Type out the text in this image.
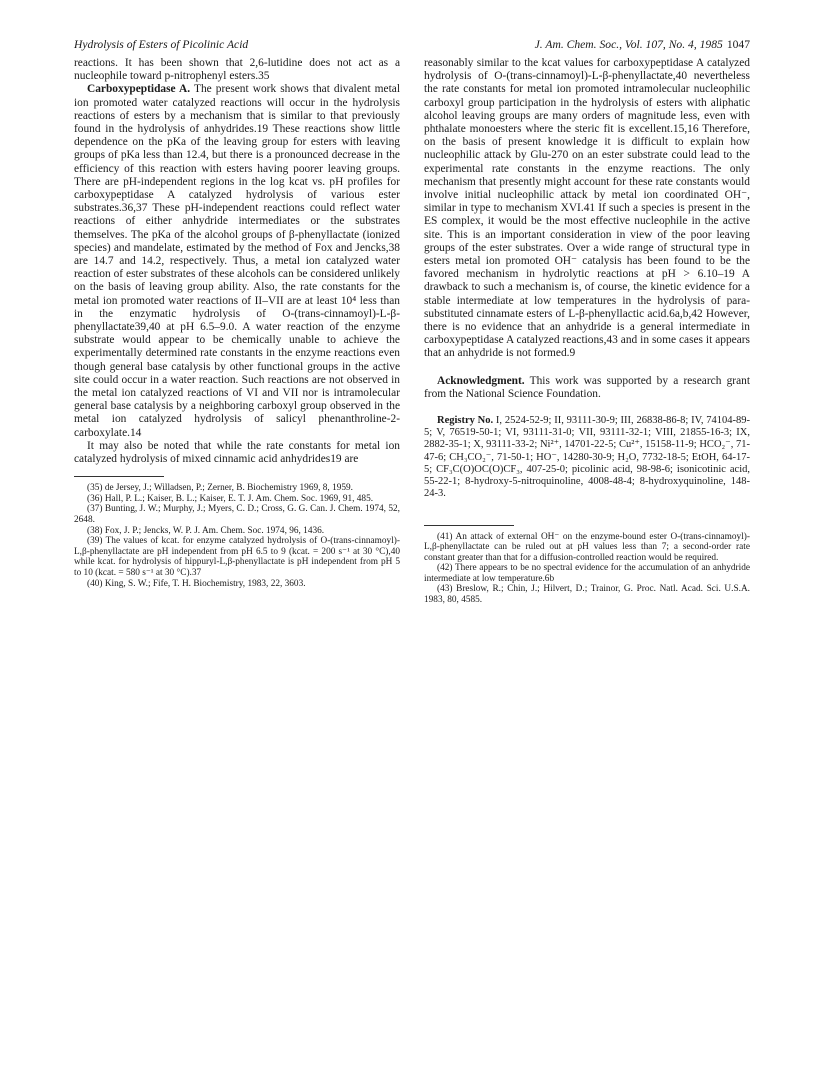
Hydrolysis of Esters of Picolinic Acid	J. Am. Chem. Soc., Vol. 107, No. 4, 1985 1047

reactions. It has been shown that 2,6-lutidine does not act as a nucleophile toward p-nitrophenyl esters.35

Carboxypeptidase A. The present work shows that divalent metal ion promoted water catalyzed reactions will occur in the hydrolysis reactions of esters by a mechanism that is similar to that previously found in the hydrolysis of anhydrides.19 These reactions show little dependence on the pKa of the leaving group for esters with leaving groups of pKa less than 12.4, but there is a pronounced decrease in the efficiency of this reaction with esters having poorer leaving groups. There are pH-independent regions in the log kcat vs. pH profiles for carboxypeptidase A catalyzed hydrolysis of various ester substrates.36,37 These pH-independent reactions could reflect water reactions of either anhydride intermediates or the substrates themselves. The pKa of the alcohol groups of β-phenyllactate (ionized species) and mandelate, estimated by the method of Fox and Jencks,38 are 14.7 and 14.2, respectively. Thus, a metal ion catalyzed water reaction of ester substrates of these alcohols can be considered unlikely on the basis of leaving group ability. Also, the rate constants for the metal ion promoted water reactions of II–VII are at least 10⁴ less than in the enzymatic hydrolysis of O-(trans-cinnamoyl)-L-β-phenyllactate39,40 at pH 6.5–9.0. A water reaction of the enzyme substrate would appear to be chemically unable to achieve the experimentally determined rate constants in the enzyme reactions even though general base catalysis by other functional groups in the active site could occur in a water reaction. Such reactions are not observed in the metal ion catalyzed reactions of VI and VII nor is intramolecular general base catalysis by a neighboring carboxyl group observed in the metal ion catalyzed hydrolysis of salicyl phenanthroline-2-carboxylate.14

It may also be noted that while the rate constants for metal ion catalyzed hydrolysis of mixed cinnamic acid anhydrides19 are

(35) de Jersey, J.; Willadsen, P.; Zerner, B. Biochemistry 1969, 8, 1959.

(36) Hall, P. L.; Kaiser, B. L.; Kaiser, E. T. J. Am. Chem. Soc. 1969, 91, 485.

(37) Bunting, J. W.; Murphy, J.; Myers, C. D.; Cross, G. G. Can. J. Chem. 1974, 52, 2648.

(38) Fox, J. P.; Jencks, W. P. J. Am. Chem. Soc. 1974, 96, 1436.

(39) The values of kcat. for enzyme catalyzed hydrolysis of O-(trans-cinnamoyl)-L,β-phenyllactate are pH independent from pH 6.5 to 9 (kcat. = 200 s⁻¹ at 30 °C),40 while kcat. for hydrolysis of hippuryl-L,β-phenyllactate is pH independent from pH 5 to 10 (kcat. = 580 s⁻¹ at 30 °C).37

(40) King, S. W.; Fife, T. H. Biochemistry, 1983, 22, 3603.

reasonably similar to the kcat values for carboxypeptidase A catalyzed hydrolysis of O-(trans-cinnamoyl)-L-β-phenyllactate,40 nevertheless the rate constants for metal ion promoted intramolecular nucleophilic carboxyl group participation in the hydrolysis of esters with aliphatic alcohol leaving groups are many orders of magnitude less, even with phthalate monoesters where the steric fit is excellent.15,16 Therefore, on the basis of present knowledge it is difficult to explain how nucleophilic attack by Glu-270 on an ester substrate could lead to the experimental rate constants in the enzyme reactions. The only mechanism that presently might account for these rate constants would involve initial nucleophilic attack by metal ion coordinated OH⁻, similar in type to mechanism XVI.41 If such a species is present in the ES complex, it would be the most effective nucleophile in the active site. This is an important consideration in view of the poor leaving groups of the ester substrates. Over a wide range of structural type in esters metal ion promoted OH⁻ catalysis has been found to be the favored mechanism in hydrolytic reactions at pH > 6.10–19 A drawback to such a mechanism is, of course, the kinetic evidence for a stable intermediate at low temperatures in the hydrolysis of para-substituted cinnamate esters of L-β-phenyllactic acid.6a,b,42 However, there is no evidence that an anhydride is a general intermediate in carboxypeptidase A catalyzed reactions,43 and in some cases it appears that an anhydride is not formed.9

Acknowledgment. This work was supported by a research grant from the National Science Foundation.

Registry No. I, 2524-52-9; II, 93111-30-9; III, 26838-86-8; IV, 74104-89-5; V, 76519-50-1; VI, 93111-31-0; VII, 93111-32-1; VIII, 21855-16-3; IX, 2882-35-1; X, 93111-33-2; Ni²⁺, 14701-22-5; Cu²⁺, 15158-11-9; HCO₂⁻, 71-47-6; CH₃CO₂⁻, 71-50-1; HO⁻, 14280-30-9; H₂O, 7732-18-5; EtOH, 64-17-5; CF₃C(O)OC(O)CF₃, 407-25-0; picolinic acid, 98-98-6; isonicotinic acid, 55-22-1; 8-hydroxy-5-nitroquinoline, 4008-48-4; 8-hydroxyquinoline, 148-24-3.

(41) An attack of external OH⁻ on the enzyme-bound ester O-(trans-cinnamoyl)-L,β-phenyllactate can be ruled out at pH values less than 7; a second-order rate constant greater than that for a diffusion-controlled reaction would be required.

(42) There appears to be no spectral evidence for the accumulation of an anhydride intermediate at low temperature.6b

(43) Breslow, R.; Chin, J.; Hilvert, D.; Trainor, G. Proc. Natl. Acad. Sci. U.S.A. 1983, 80, 4585.
